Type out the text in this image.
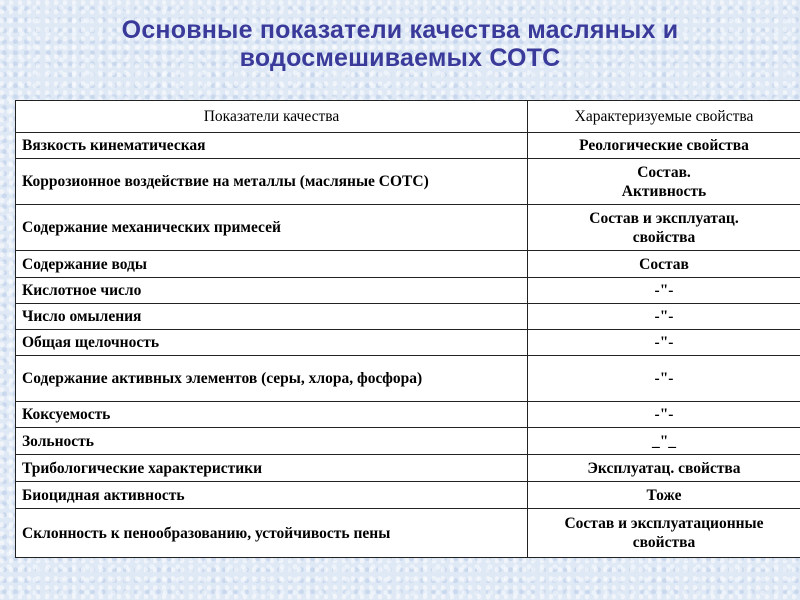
Основные показатели качества масляных и
водосмешиваемых СОТС
Показатели качества	Характеризуемые свойства
Вязкость кинематическая	Реологические свойства
Коррозионное воздействие на металлы (масляные СОТС)	Состав.
Активность
Содержание механических примесей	Состав и эксплуатац.
свойства
Содержание воды	Состав
Кислотное число	-"-
Число омыления	-"-
Общая щелочность	-"-
Содержание активных элементов (серы, хлора, фосфора)	-"-
Коксуемость	-"-
Зольность	_"_
Трибологические характеристики	Эксплуатац. свойства
Биоцидная активность	Тоже
Склонность к пенообразованию, устойчивость пены	Состав и эксплуатационные
свойства
